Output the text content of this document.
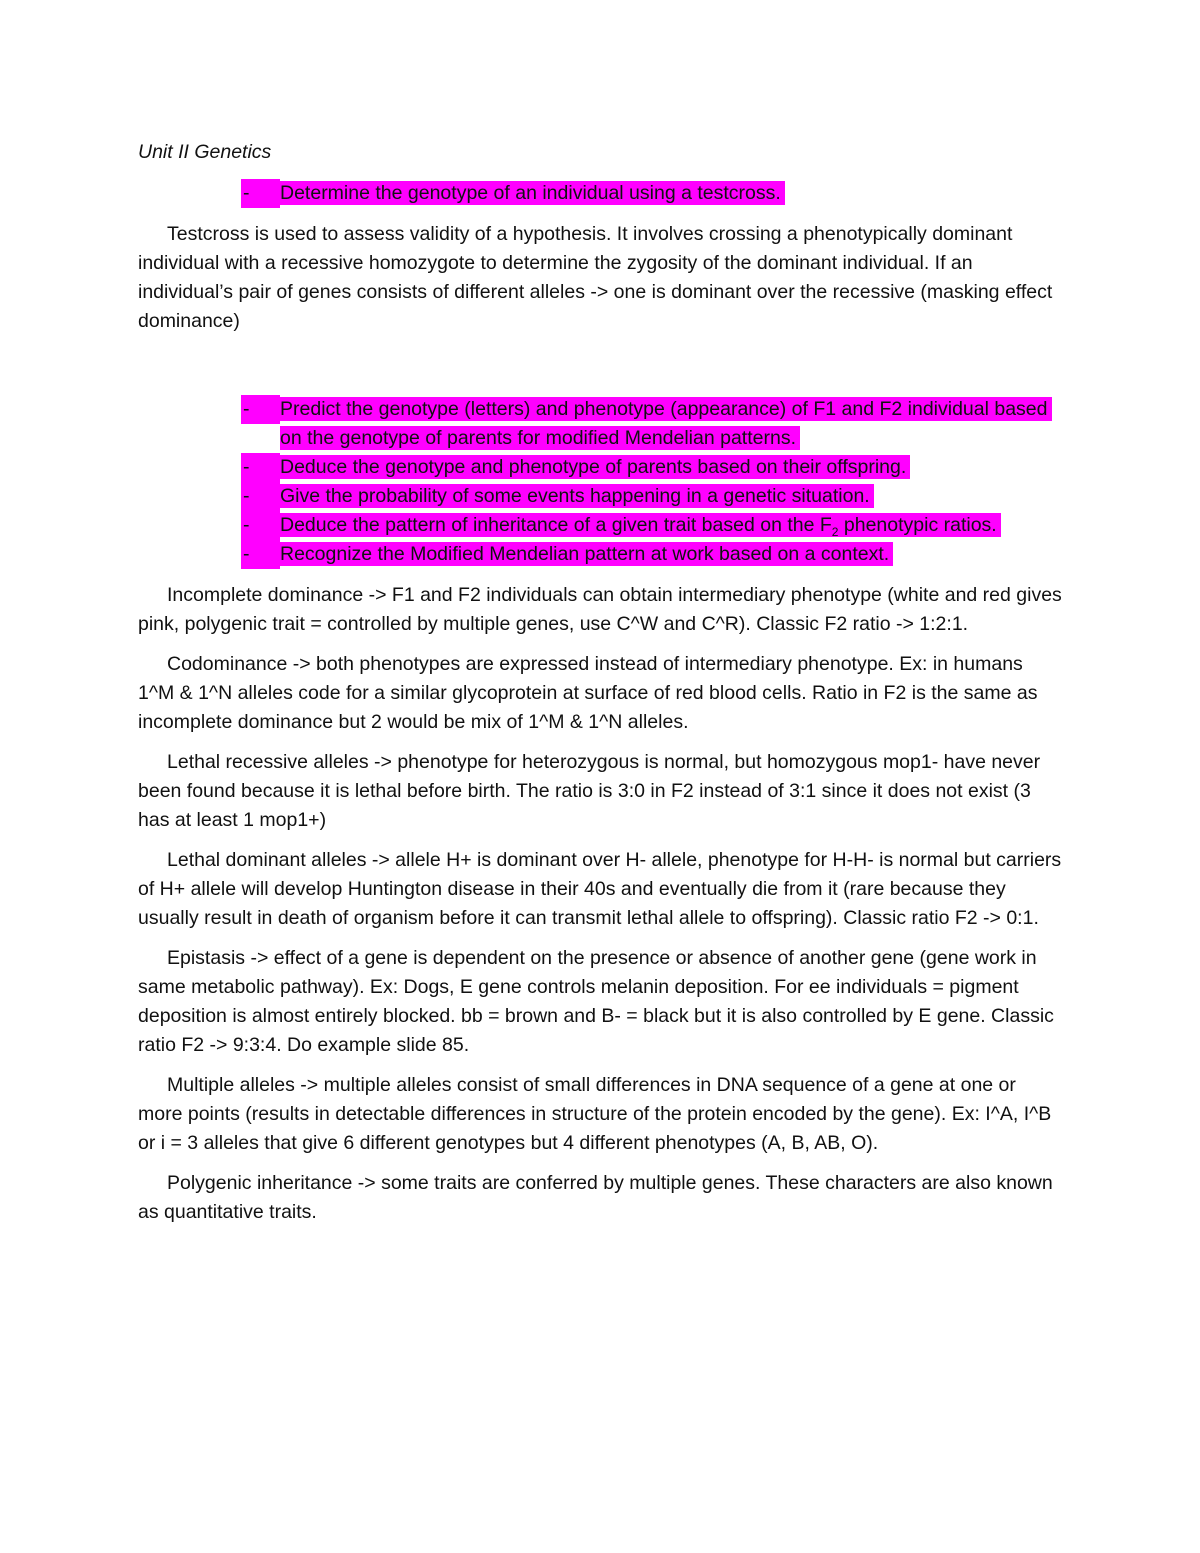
Unit II Genetics

- Determine the genotype of an individual using a testcross.

Testcross is used to assess validity of a hypothesis. It involves crossing a phenotypically dominant individual with a recessive homozygote to determine the zygosity of the dominant individual. If an individual’s pair of genes consists of different alleles -> one is dominant over the recessive (masking effect dominance)

- Predict the genotype (letters) and phenotype (appearance) of F1 and F2 individual based on the genotype of parents for modified Mendelian patterns.
- Deduce the genotype and phenotype of parents based on their offspring.
- Give the probability of some events happening in a genetic situation.
- Deduce the pattern of inheritance of a given trait based on the $F_2$ phenotypic ratios.
- Recognize the Modified Mendelian pattern at work based on a context.

Incomplete dominance -> F1 and F2 individuals can obtain intermediary phenotype (white and red gives pink, polygenic trait = controlled by multiple genes, use C^W and C^R). Classic F2 ratio -> 1:2:1.

Codominance -> both phenotypes are expressed instead of intermediary phenotype. Ex: in humans 1^M & 1^N alleles code for a similar glycoprotein at surface of red blood cells. Ratio in F2 is the same as incomplete dominance but 2 would be mix of 1^M & 1^N alleles.

Lethal recessive alleles -> phenotype for heterozygous is normal, but homozygous mop1- have never been found because it is lethal before birth. The ratio is 3:0 in F2 instead of 3:1 since it does not exist (3 has at least 1 mop1+)

Lethal dominant alleles -> allele H+ is dominant over H- allele, phenotype for H-H- is normal but carriers of H+ allele will develop Huntington disease in their 40s and eventually die from it (rare because they usually result in death of organism before it can transmit lethal allele to offspring). Classic ratio F2 -> 0:1.

Epistasis -> effect of a gene is dependent on the presence or absence of another gene (gene work in same metabolic pathway). Ex: Dogs, E gene controls melanin deposition. For ee individuals = pigment deposition is almost entirely blocked. bb = brown and B- = black but it is also controlled by E gene. Classic ratio F2 -> 9:3:4. Do example slide 85.

Multiple alleles -> multiple alleles consist of small differences in DNA sequence of a gene at one or more points (results in detectable differences in structure of the protein encoded by the gene). Ex: I^A, I^B or i = 3 alleles that give 6 different genotypes but 4 different phenotypes (A, B, AB, O).

Polygenic inheritance -> some traits are conferred by multiple genes. These characters are also known as quantitative traits.
